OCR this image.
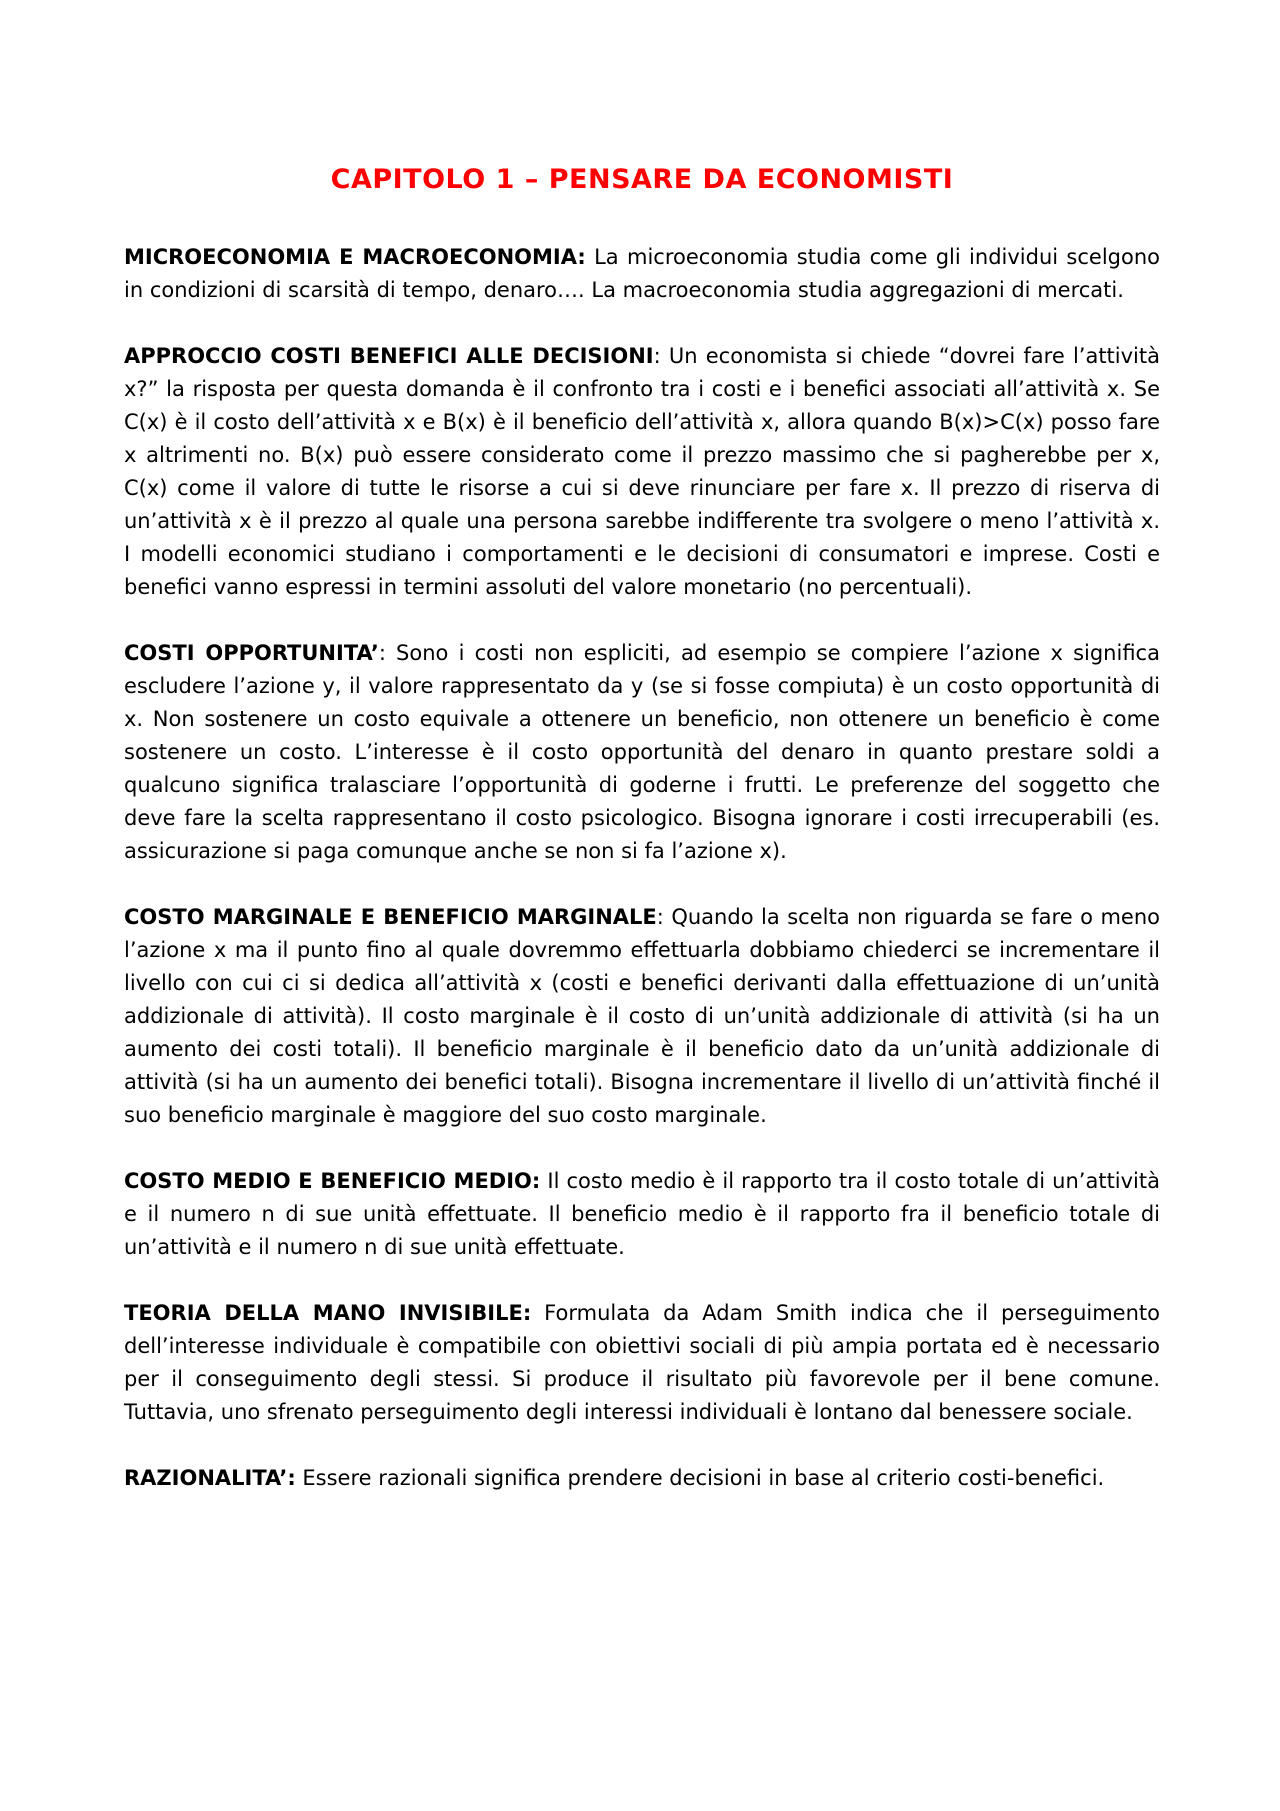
CAPITOLO 1 – PENSARE DA ECONOMISTI

MICROECONOMIA E MACROECONOMIA: La microeconomia studia come gli individui scelgono in condizioni di scarsità di tempo, denaro…. La macroeconomia studia aggregazioni di mercati.

APPROCCIO COSTI BENEFICI ALLE DECISIONI: Un economista si chiede “dovrei fare l’attività x?” la risposta per questa domanda è il confronto tra i costi e i benefici associati all’attività x. Se C(x) è il costo dell’attività x e B(x) è il beneficio dell’attività x, allora quando B(x)>C(x) posso fare x altrimenti no. B(x) può essere considerato come il prezzo massimo che si pagherebbe per x, C(x) come il valore di tutte le risorse a cui si deve rinunciare per fare x. Il prezzo di riserva di un’attività x è il prezzo al quale una persona sarebbe indifferente tra svolgere o meno l’attività x. I modelli economici studiano i comportamenti e le decisioni di consumatori e imprese. Costi e benefici vanno espressi in termini assoluti del valore monetario (no percentuali).

COSTI OPPORTUNITA’: Sono i costi non espliciti, ad esempio se compiere l’azione x significa escludere l’azione y, il valore rappresentato da y (se si fosse compiuta) è un costo opportunità di x. Non sostenere un costo equivale a ottenere un beneficio, non ottenere un beneficio è come sostenere un costo. L’interesse è il costo opportunità del denaro in quanto prestare soldi a qualcuno significa tralasciare l’opportunità di goderne i frutti. Le preferenze del soggetto che deve fare la scelta rappresentano il costo psicologico. Bisogna ignorare i costi irrecuperabili (es. assicurazione si paga comunque anche se non si fa l’azione x).

COSTO MARGINALE E BENEFICIO MARGINALE: Quando la scelta non riguarda se fare o meno l’azione x ma il punto fino al quale dovremmo effettuarla dobbiamo chiederci se incrementare il livello con cui ci si dedica all’attività x (costi e benefici derivanti dalla effettuazione di un’unità addizionale di attività). Il costo marginale è il costo di un’unità addizionale di attività (si ha un aumento dei costi totali). Il beneficio marginale è il beneficio dato da un’unità addizionale di attività (si ha un aumento dei benefici totali). Bisogna incrementare il livello di un’attività finché il suo beneficio marginale è maggiore del suo costo marginale.

COSTO MEDIO E BENEFICIO MEDIO: Il costo medio è il rapporto tra il costo totale di un’attività e il numero n di sue unità effettuate. Il beneficio medio è il rapporto fra il beneficio totale di un’attività e il numero n di sue unità effettuate.

TEORIA DELLA MANO INVISIBILE: Formulata da Adam Smith indica che il perseguimento dell’interesse individuale è compatibile con obiettivi sociali di più ampia portata ed è necessario per il conseguimento degli stessi. Si produce il risultato più favorevole per il bene comune. Tuttavia, uno sfrenato perseguimento degli interessi individuali è lontano dal benessere sociale.

RAZIONALITA’: Essere razionali significa prendere decisioni in base al criterio costi-benefici.
